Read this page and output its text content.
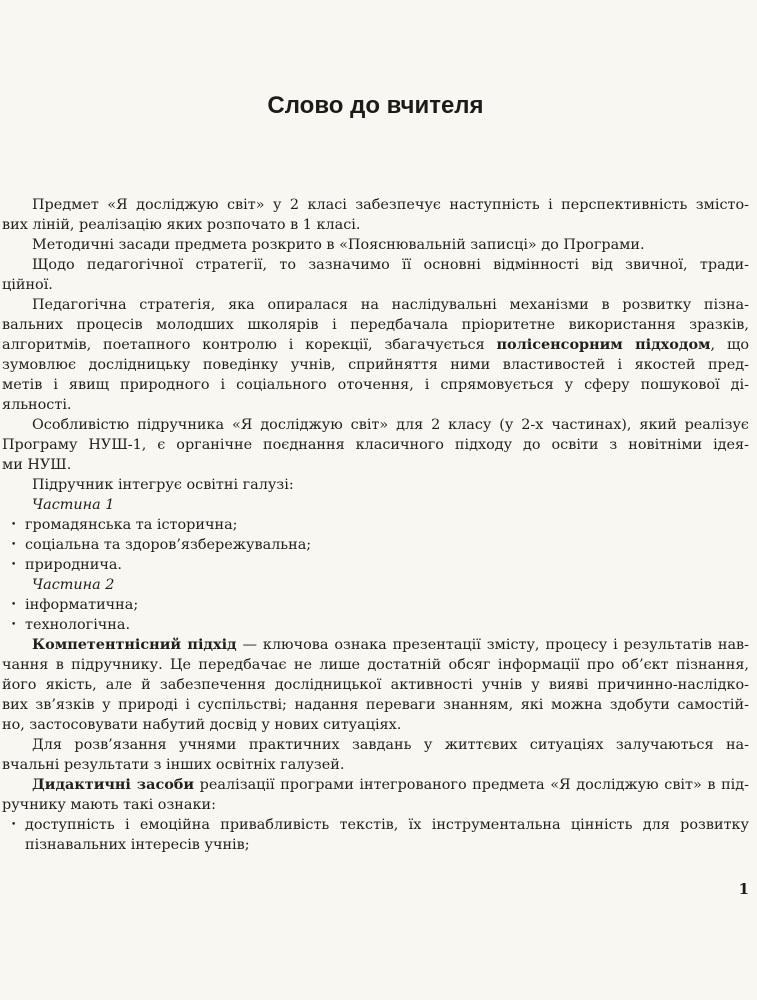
Слово до вчителя
Предмет «Я досліджую світ» у 2 класі забезпечує наступність і перспективність змісто-
вих ліній, реалізацію яких розпочато в 1 класі.
Методичні засади предмета розкрито в «Пояснювальній записці» до Програми.
Щодо педагогічної стратегії, то зазначимо її основні відмінності від звичної, тради-
ційної.
Педагогічна стратегія, яка опиралася на наслідувальні механізми в розвитку пізна-
вальних процесів молодших школярів і передбачала пріоритетне використання зразків,
алгоритмів, поетапного контролю і корекції, збагачується полісенсорним підходом, що
зумовлює дослідницьку поведінку учнів, сприйняття ними властивостей і якостей пред-
метів і явищ природного і соціального оточення, і спрямовується у сферу пошукової ді-
яльності.
Особливістю підручника «Я досліджую світ» для 2 класу (у 2-х частинах), який реалізує
Програму НУШ-1, є органічне поєднання класичного підходу до освіти з новітніми ідея-
ми НУШ.
Підручник інтегрує освітні галузі:
Частина 1
• громадянська та історична;
• соціальна та здоров’язбережувальна;
• природнича.
Частина 2
• інформатична;
• технологічна.
Компетентнісний підхід — ключова ознака презентації змісту, процесу і результатів нав-
чання в підручнику. Це передбачає не лише достатній обсяг інформації про об’єкт пізнання,
його якість, але й забезпечення дослідницької активності учнів у вияві причинно-наслідко-
вих зв’язків у природі і суспільстві; надання переваги знанням, які можна здобути самостій-
но, застосовувати набутий досвід у нових ситуаціях.
Для розв’язання учнями практичних завдань у життєвих ситуаціях залучаються на-
вчальні результати з інших освітніх галузей.
Дидактичні засоби реалізації програми інтегрованого предмета «Я досліджую світ» в під-
ручнику мають такі ознаки:
• доступність і емоційна привабливість текстів, їх інструментальна цінність для розвитку
пізнавальних інтересів учнів;
1
